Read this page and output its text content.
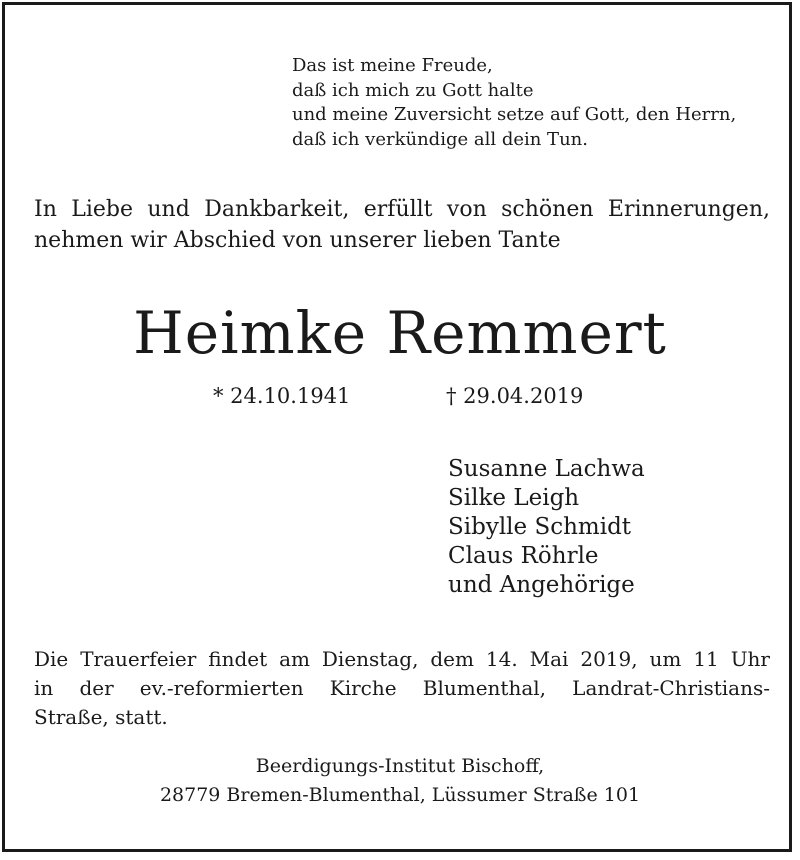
Das ist meine Freude,
daß ich mich zu Gott halte
und meine Zuversicht setze auf Gott, den Herrn,
daß ich verkündige all dein Tun.
In Liebe und Dankbarkeit, erfüllt von schönen Erinnerungen,
nehmen wir Abschied von unserer lieben Tante
Heimke Remmert
* 24.10.1941	† 29.04.2019
Susanne Lachwa
Silke Leigh
Sibylle Schmidt
Claus Röhrle
und Angehörige
Die Trauerfeier findet am Dienstag, dem 14. Mai 2019, um 11 Uhr
in der ev.-reformierten Kirche Blumenthal, Landrat-Christians-
Straße, statt.
Beerdigungs-Institut Bischoff,
28779 Bremen-Blumenthal, Lüssumer Straße 101
